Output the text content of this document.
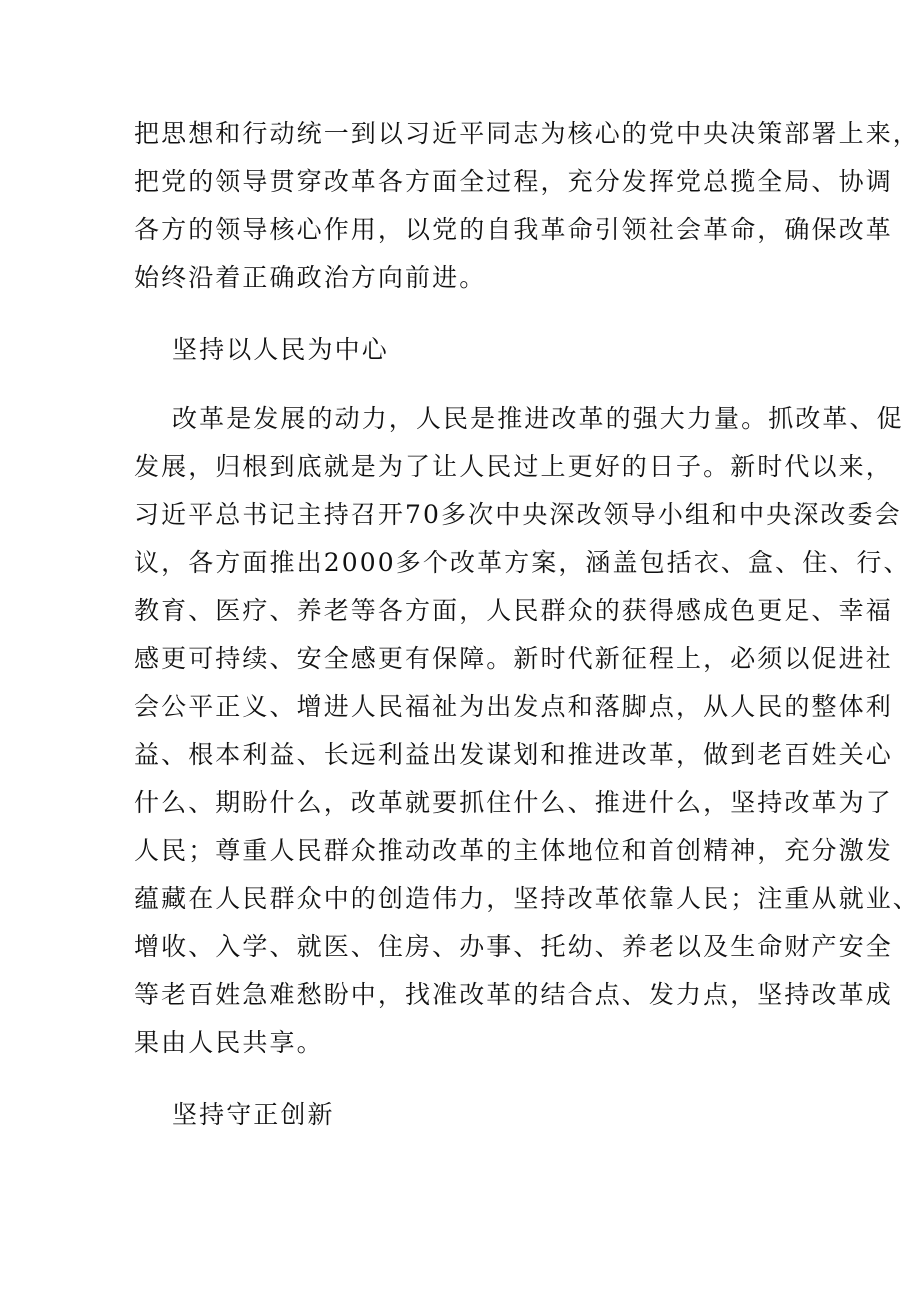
把思想和行动统一到以习近平同志为核心的党中央决策部署上来，
把党的领导贯穿改革各方面全过程，充分发挥党总揽全局、协调
各方的领导核心作用，以党的自我革命引领社会革命，确保改革
始终沿着正确政治方向前进。
坚持以人民为中心
改革是发展的动力，人民是推进改革的强大力量。抓改革、促
发展，归根到底就是为了让人民过上更好的日子。新时代以来，
习近平总书记主持召开70多次中央深改领导小组和中央深改委会
议，各方面推出2000多个改革方案，涵盖包括衣、盒、住、行、
教育、医疗、养老等各方面，人民群众的获得感成色更足、幸福
感更可持续、安全感更有保障。新时代新征程上，必须以促进社
会公平正义、增进人民福祉为出发点和落脚点，从人民的整体利
益、根本利益、长远利益出发谋划和推进改革，做到老百姓关心
什么、期盼什么，改革就要抓住什么、推进什么，坚持改革为了
人民；尊重人民群众推动改革的主体地位和首创精神，充分激发
蕴藏在人民群众中的创造伟力，坚持改革依靠人民；注重从就业、
增收、入学、就医、住房、办事、托幼、养老以及生命财产安全
等老百姓急难愁盼中，找准改革的结合点、发力点，坚持改革成
果由人民共享。
坚持守正创新
